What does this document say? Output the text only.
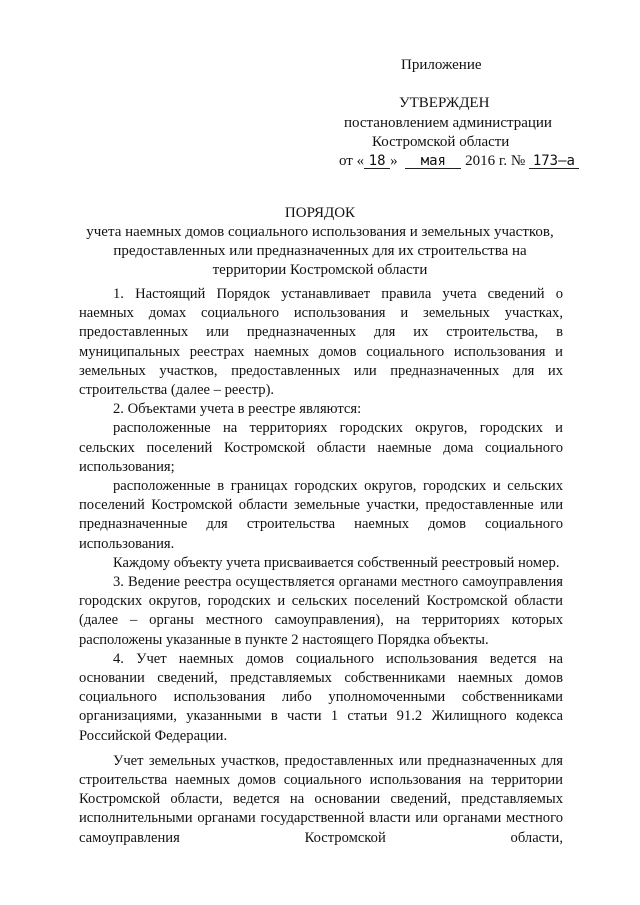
Приложение
УТВЕРЖДЕН
постановлением администрации
Костромской области
от « 18 » мая 2016 г. № 173–а
ПОРЯДОК
учета наемных домов социального использования и земельных участков,
предоставленных или предназначенных для их строительства на
территории Костромской области

1. Настоящий Порядок устанавливает правила учета сведений о наемных домах социального использования и земельных участках, предоставленных или предназначенных для их строительства, в муниципальных реестрах наемных домов социального использования и земельных участков, предоставленных или предназначенных для их строительства (далее – реестр).

2. Объектами учета в реестре являются:

расположенные на территориях городских округов, городских и сельских поселений Костромской области наемные дома социального использования;

расположенные в границах городских округов, городских и сельских поселений Костромской области земельные участки, предоставленные или предназначенные для строительства наемных домов социального использования.

Каждому объекту учета присваивается собственный реестровый номер.

3. Ведение реестра осуществляется органами местного самоуправления городских округов, городских и сельских поселений Костромской области (далее – органы местного самоуправления), на территориях которых расположены указанные в пункте 2 настоящего Порядка объекты.

4. Учет наемных домов социального использования ведется на основании сведений, представляемых собственниками наемных домов социального использования либо уполномоченными собственниками организациями, указанными в части 1 статьи 91.2 Жилищного кодекса Российской Федерации.

Учет земельных участков, предоставленных или предназначенных для строительства наемных домов социального использования на территории Костромской области, ведется на основании сведений, представляемых исполнительными органами государственной власти или органами местного самоуправления Костромской области,
